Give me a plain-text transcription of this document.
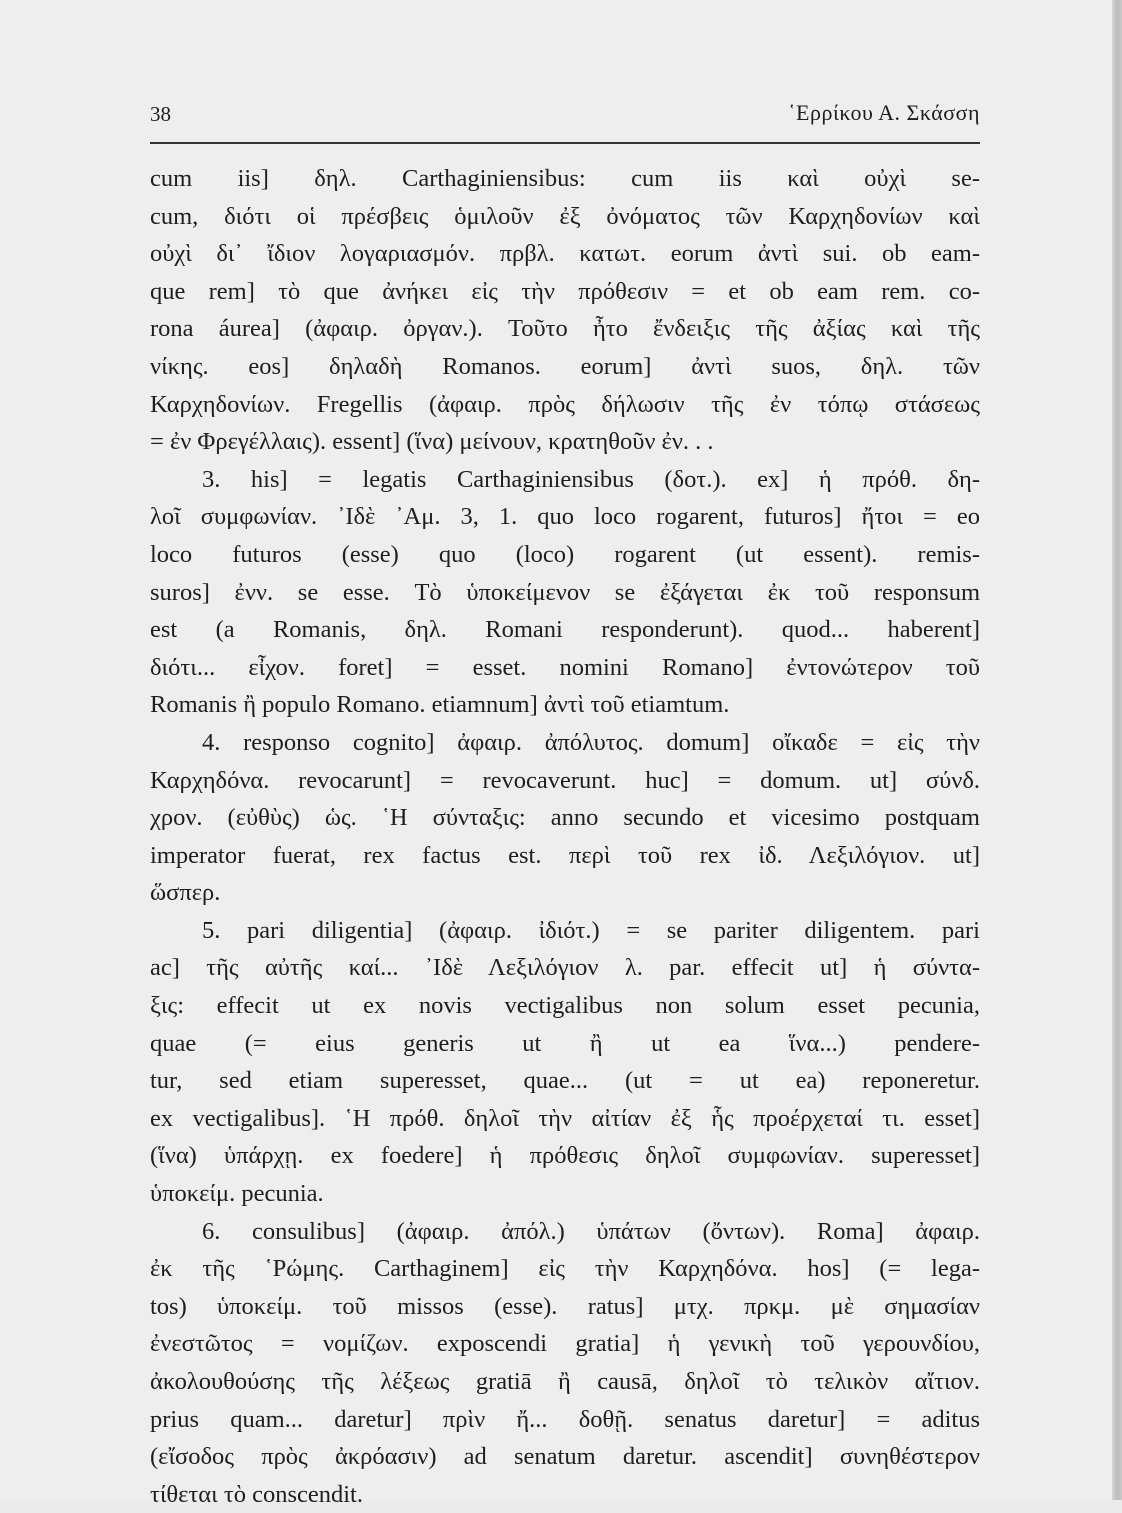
38	῾Ερρίκου Α. Σκάσση
cum iis] δηλ. Carthaginiensibus: cum iis καὶ οὐχὶ se-
cum, διότι οἱ πρέσβεις ὁμιλοῦν ἐξ ὀνόματος τῶν Καρχηδονίων καὶ
οὐχὶ δι᾿ ἴδιον λογαριασμόν. πρβλ. κατωτ. eorum ἀντὶ sui. ob eam-
que rem] τὸ que ἀνήκει εἰς τὴν πρόθεσιν = et ob eam rem. co-
rona áurea] (ἀφαιρ. ὀργαν.). Τοῦτο ἦτο ἔνδειξις τῆς ἀξίας καὶ τῆς
νίκης. eos] δηλαδὴ Romanos. eorum] ἀντὶ suos, δηλ. τῶν
Καρχηδονίων. Fregellis (ἀφαιρ. πρὸς δήλωσιν τῆς ἐν τόπῳ στάσεως
= ἐν Φρεγέλλαις). essent] (ἵνα) μείνουν, κρατηθοῦν ἐν. . .
3. his] = legatis Carthaginiensibus (δοτ.). ex] ἡ πρόθ. δη-
λοῖ συμφωνίαν. ᾿Ιδὲ ᾿Αμ. 3, 1. quo loco rogarent, futuros] ἤτοι = eo
loco futuros (esse) quo (loco) rogarent (ut essent). remis-
suros] ἐνν. se esse. Τὸ ὑποκείμενον se ἐξάγεται ἐκ τοῦ responsum
est (a Romanis, δηλ. Romani responderunt). quod... haberent]
διότι... εἶχον. foret] = esset. nomini Romano] ἐντονώτερον τοῦ
Romanis ἢ populo Romano. etiamnum] ἀντὶ τοῦ etiamtum.
4. responso cognito] ἀφαιρ. ἀπόλυτος. domum] οἴκαδε = εἰς τὴν
Καρχηδόνα. revocarunt] = revocaverunt. huc] = domum. ut] σύνδ.
χρον. (εὐθὺς) ὡς. ῾Η σύνταξις: anno secundo et vicesimo postquam
imperator fuerat, rex factus est. περὶ τοῦ rex ἰδ. Λεξιλόγιον. ut]
ὥσπερ.
5. pari diligentia] (ἀφαιρ. ἰδιότ.) = se pariter diligentem. pari
ac] τῆς αὐτῆς καί... ᾿Ιδὲ Λεξιλόγιον λ. par. effecit ut] ἡ σύντα-
ξις: effecit ut ex novis vectigalibus non solum esset pecunia,
quae (= eius generis ut ἢ ut ea ἵνα...) pendere-
tur, sed etiam superesset, quae... (ut = ut ea) reponeretur.
ex vectigalibus]. ῾Η πρόθ. δηλοῖ τὴν αἰτίαν ἐξ ἧς προέρχεταί τι. esset]
(ἵνα) ὑπάρχῃ. ex foedere] ἡ πρόθεσις δηλοῖ συμφωνίαν. superesset]
ὑποκείμ. pecunia.
6. consulibus] (ἀφαιρ. ἀπόλ.) ὑπάτων (ὄντων). Roma] ἀφαιρ.
ἐκ τῆς ῾Ρώμης. Carthaginem] εἰς τὴν Καρχηδόνα. hos] (= lega-
tos) ὑποκείμ. τοῦ missos (esse). ratus] μτχ. πρκμ. μὲ σημασίαν
ἐνεστῶτος = νομίζων. exposcendi gratia] ἡ γενικὴ τοῦ γερουνδίου,
ἀκολουθούσης τῆς λέξεως gratiā ἢ causā, δηλοῖ τὸ τελικὸν αἴτιον.
prius quam... daretur] πρὶν ἤ... δοθῇ. senatus daretur] = aditus
(εἴσοδος πρὸς ἀκρόασιν) ad senatum daretur. ascendit] συνηθέστερον
τίθεται τὸ conscendit.
